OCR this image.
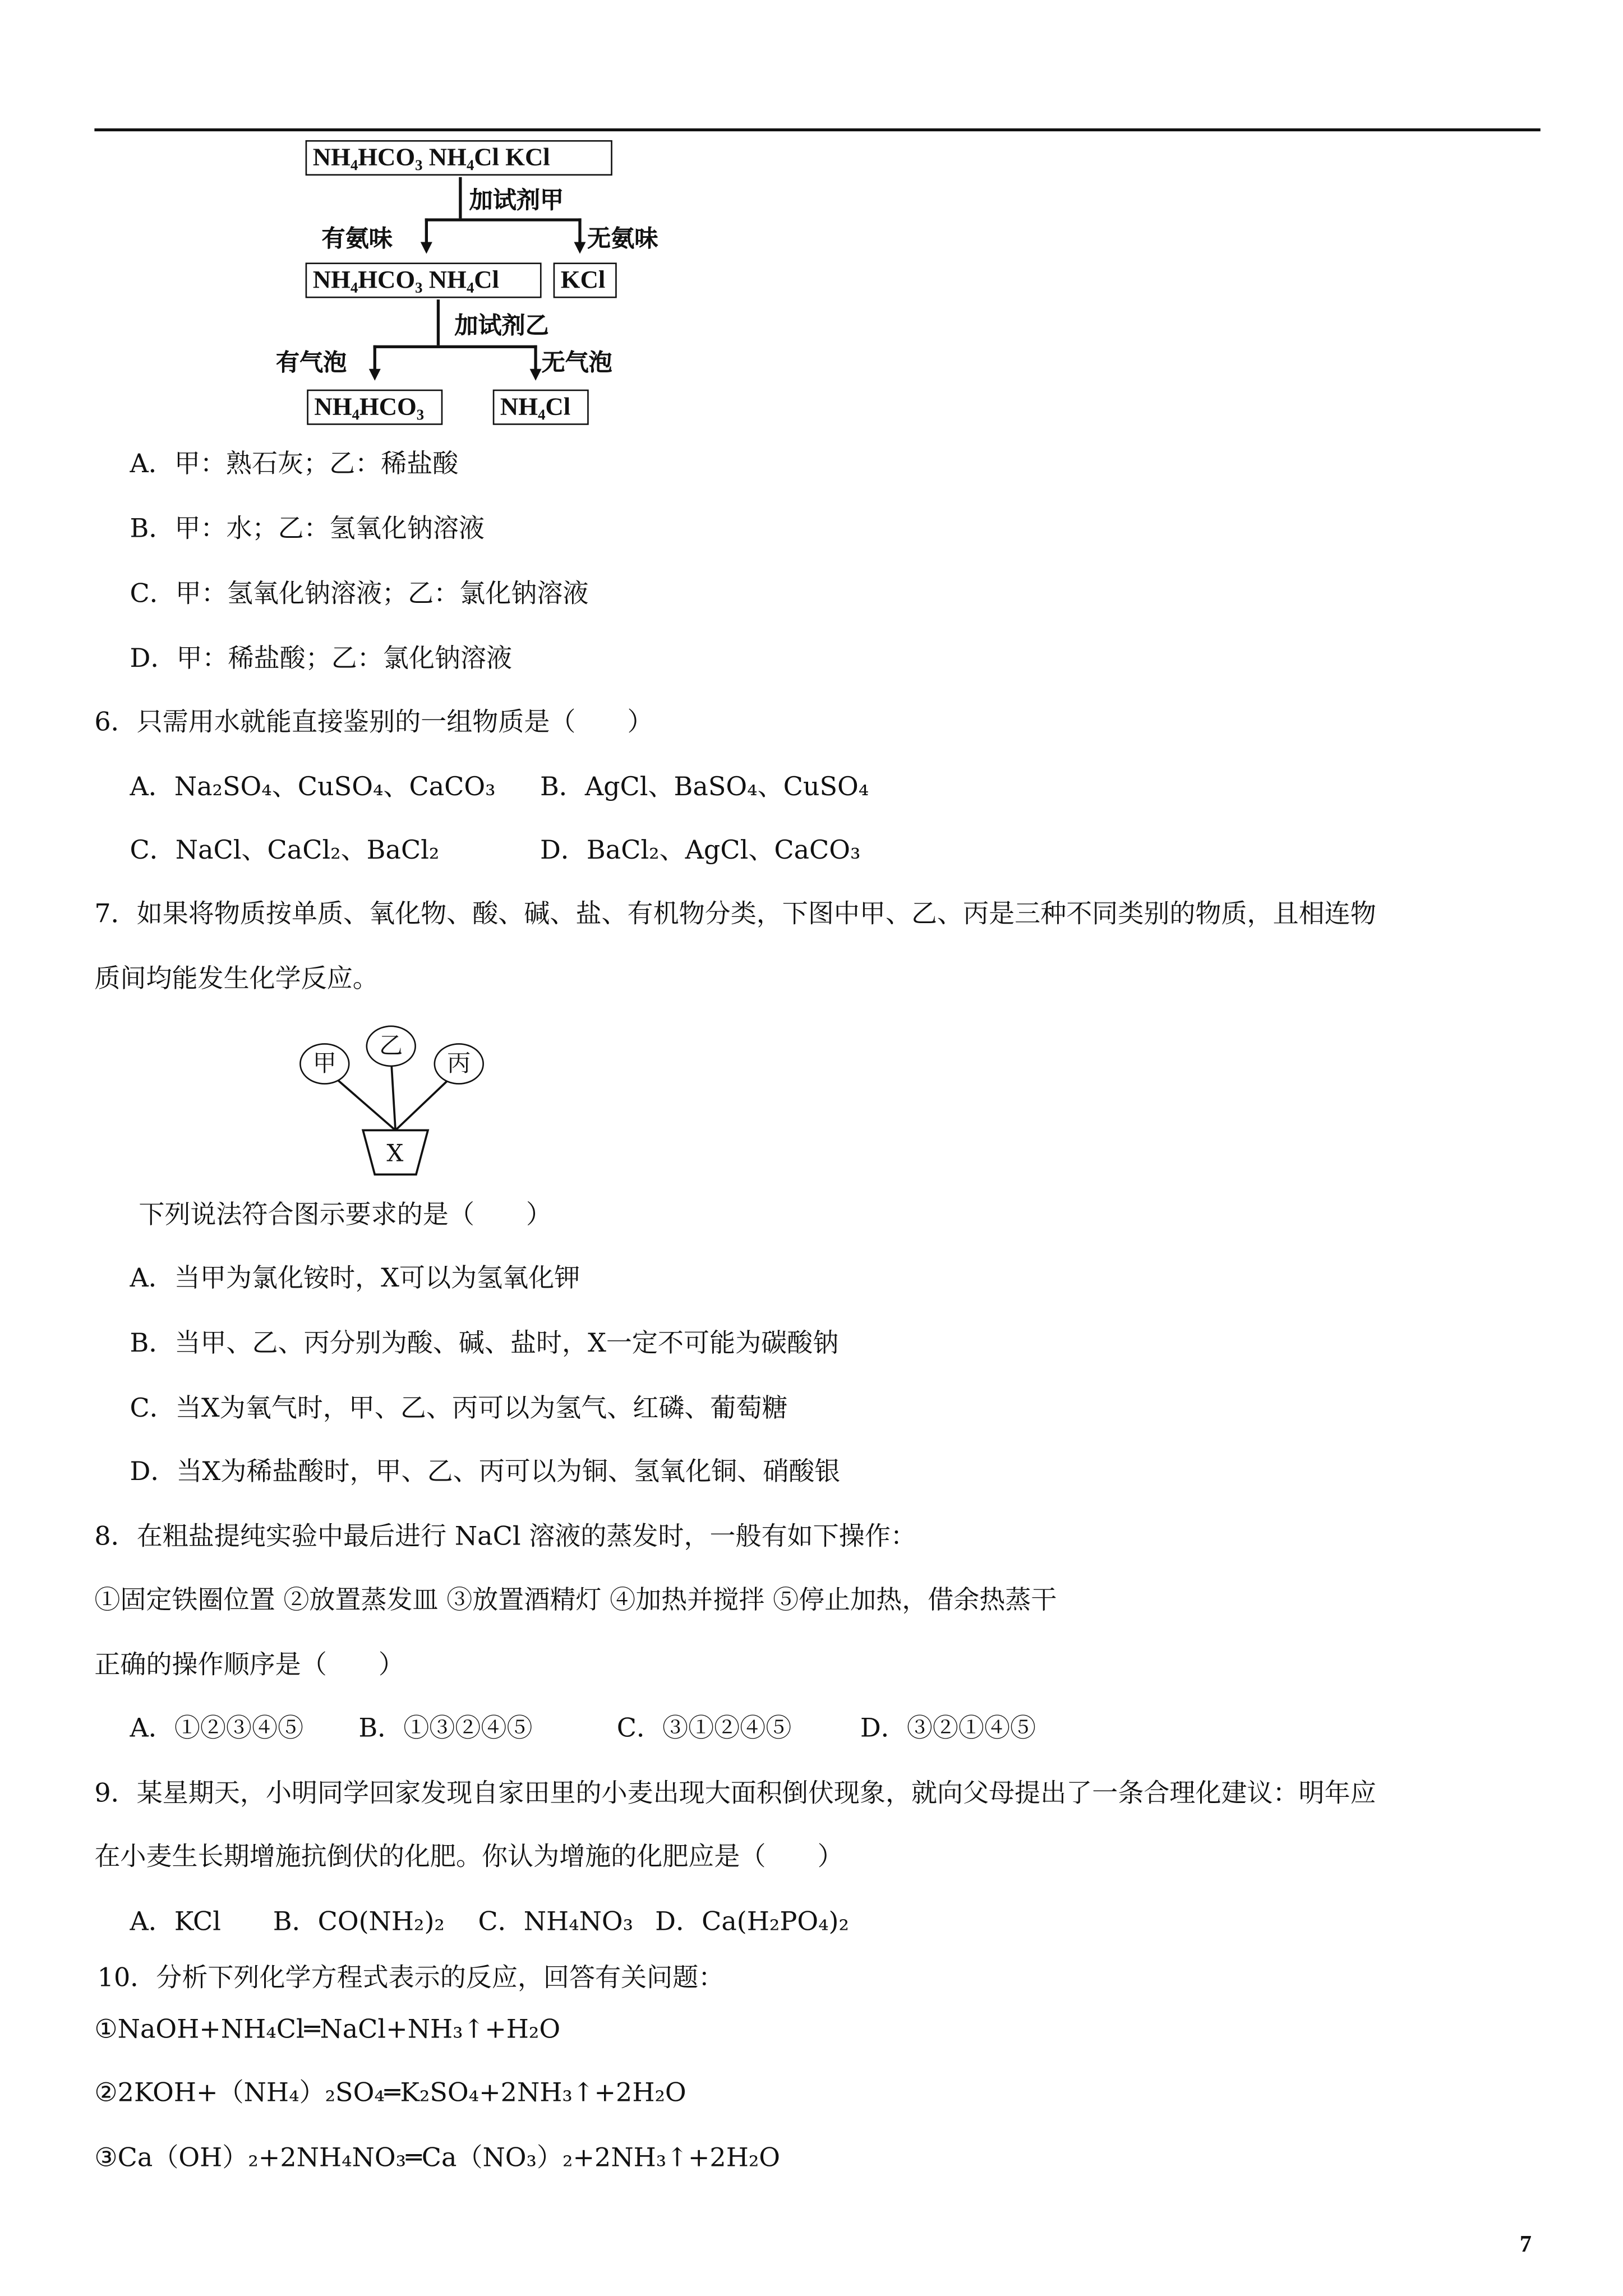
NH₄HCO₃ NH₄Cl KCl
加试剂甲
有氨味	无氨味
NH₄HCO₃ NH₄Cl	KCl
加试剂乙
有气泡	无气泡
NH₄HCO₃	NH₄Cl
A．甲：熟石灰；乙：稀盐酸
B．甲：水；乙：氢氧化钠溶液
C．甲：氢氧化钠溶液；乙：氯化钠溶液
D．甲：稀盐酸；乙：氯化钠溶液
6．只需用水就能直接鉴别的一组物质是（　　）
A．Na₂SO₄、CuSO₄、CaCO₃	B．AgCl、BaSO₄、CuSO₄
C．NaCl、CaCl₂、BaCl₂	D．BaCl₂、AgCl、CaCO₃
7．如果将物质按单质、氧化物、酸、碱、盐、有机物分类，下图中甲、乙、丙是三种不同类别的物质，且相连物
质间均能发生化学反应。
甲
乙
丙
X
下列说法符合图示要求的是（　　）
A．当甲为氯化铵时，X可以为氢氧化钾
B．当甲、乙、丙分别为酸、碱、盐时，X一定不可能为碳酸钠
C．当X为氧气时，甲、乙、丙可以为氢气、红磷、葡萄糖
D．当X为稀盐酸时，甲、乙、丙可以为铜、氢氧化铜、硝酸银
8．在粗盐提纯实验中最后进行 NaCl 溶液的蒸发时，一般有如下操作：
①固定铁圈位置 ②放置蒸发皿 ③放置酒精灯 ④加热并搅拌 ⑤停止加热，借余热蒸干
正确的操作顺序是（　　）
A．①②③④⑤	B．①③②④⑤	C．③①②④⑤	D．③②①④⑤
9．某星期天，小明同学回家发现自家田里的小麦出现大面积倒伏现象，就向父母提出了一条合理化建议：明年应
在小麦生长期增施抗倒伏的化肥。你认为增施的化肥应是（　　）
A．KCl	B．CO(NH₂)₂	C．NH₄NO₃ D．Ca(H₂PO₄)₂
10．分析下列化学方程式表示的反应，回答有关问题：
①NaOH+NH₄Cl═NaCl+NH₃↑+H₂O
②2KOH+（NH₄）₂SO₄═K₂SO₄+2NH₃↑+2H₂O
③Ca（OH）₂+2NH₄NO₃═Ca（NO₃）₂+2NH₃↑+2H₂O
7
